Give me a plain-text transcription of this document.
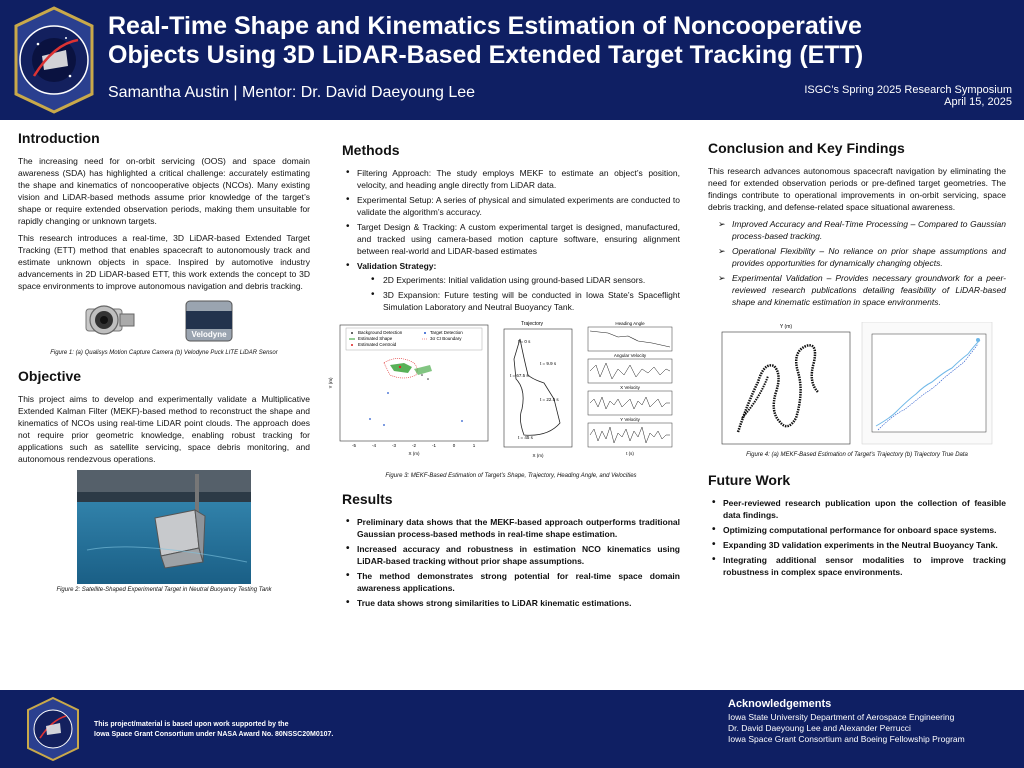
Real-Time Shape and Kinematics Estimation of Noncooperative
Objects Using 3D LiDAR-Based Extended Target Tracking (ETT)
Samantha Austin | Mentor: Dr. David Daeyoung Lee	ISGC’s Spring 2025 Research Symposium
April 15, 2025
Introduction

The increasing need for on-orbit servicing (OOS) and space domain awareness (SDA) has highlighted a critical challenge: accurately estimating the shape and kinematics of noncooperative objects (NCOs). Many existing vision and LiDAR-based methods assume prior knowledge of the target’s shape or require extended observation periods, making them unsuitable for rapidly changing or unknown targets.

This research introduces a real-time, 3D LiDAR-based Extended Target Tracking (ETT) method that enables spacecraft to autonomously track and estimate unknown objects in space. Inspired by automotive industry advancements in 2D LiDAR-based ETT, this work extends the concept to 3D space environments to improve autonomous navigation and debris tracking.

Velodyne
Figure 1: (a) Qualisys Motion Capture Camera (b) Velodyne Puck LITE LiDAR Sensor
Objective

This project aims to develop and experimentally validate a Multiplicative Extended Kalman Filter (MEKF)-based method to reconstruct the shape and kinematics of NCOs using real-time LiDAR point clouds. The approach does not require prior geometric knowledge, enabling robust tracking for applications such as satellite servicing, space debris monitoring, and autonomous rendezvous operations.

Figure 2: Satellite-Shaped Experimental Target in Neutral Buoyancy Testing Tank
Methods
• Filtering Approach: The study employs MEKF to estimate an object’s position, velocity, and heading angle directly from LiDAR data.
• Experimental Setup: A series of physical and simulated experiments are conducted to validate the algorithm’s accuracy.
• Target Design & Tracking: A custom experimental target is designed, manufactured, and tracked using camera-based motion capture software, ensuring alignment between real-world and LiDAR-based estimates
• Validation Strategy:
• 2D Experiments: Initial validation using ground-based LiDAR sensors.
• 3D Expansion: Future testing will be conducted in Iowa State’s Spaceflight Simulation Laboratory and Neutral Buoyancy Tank.
Background Detection
Estimated Shape
Estimated Centroid
Target Detection
3σ CI Boundary
-5	-4	-3	-2	-1	0	1
X (m)
Y (m)
Trajectory
t = 0 s
t = 9.9 s
t = 67.5 s
t = 22.5 s
t = 45 s
X (m)
Heading Angle
Angular Velocity
X Velocity
Y Velocity
t (s)
Figure 3: MEKF-Based Estimation of Target’s Shape, Trajectory, Heading Angle, and Velocities
Results
• Preliminary data shows that the MEKF-based approach outperforms traditional Gaussian process-based methods in real-time shape estimation.
• Increased accuracy and robustness in estimation NCO kinematics using LiDAR-based tracking without prior shape assumptions.
• The method demonstrates strong potential for real-time space domain awareness applications.
• True data shows strong similarities to LiDAR kinematic estimations.
Conclusion and Key Findings

This research advances autonomous spacecraft navigation by eliminating the need for extended observation periods or pre-defined target geometries. The findings contribute to operational improvements in on-orbit servicing, space debris tracking, and defense-related space situational awareness.

➢ Improved Accuracy and Real-Time Processing – Compared to Gaussian process-based tracking.
➢ Operational Flexibility – No reliance on prior shape assumptions and provides opportunities for dynamically changing objects.
➢ Experimental Validation – Provides necessary groundwork for a peer-reviewed research publications detailing feasibility of LiDAR-based shape and kinematic estimation in space environments.
Y (m)
Figure 4: (a) MEKF-Based Estimation of Target’s Trajectory (b) Trajectory True Data
Future Work
• Peer-reviewed research publication upon the collection of feasible data findings.
• Optimizing computational performance for onboard space systems.
• Expanding 3D validation experiments in the Neutral Buoyancy Tank.
• Integrating additional sensor modalities to improve tracking robustness in complex space environments.
This project/material is based upon work supported by the
Iowa Space Grant Consortium under NASA Award No. 80NSSC20M0107.
Acknowledgements
Iowa State University Department of Aerospace Engineering
Dr. David Daeyoung Lee and Alexander Perrucci
Iowa Space Grant Consortium and Boeing Fellowship Program
